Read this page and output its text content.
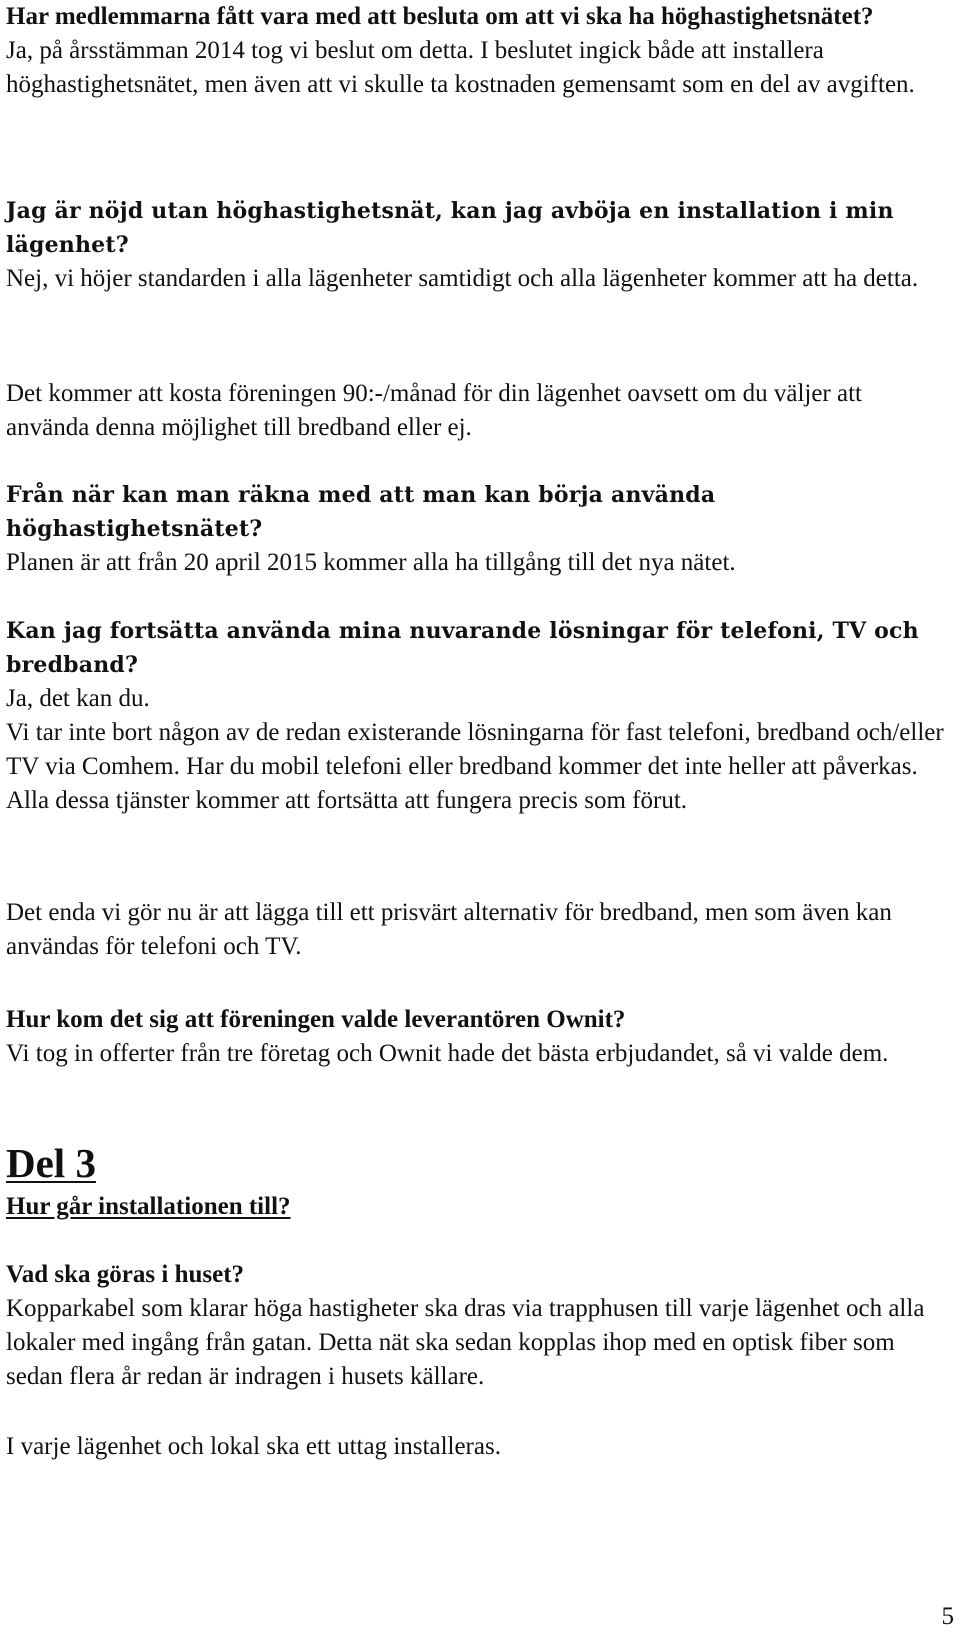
Har medlemmarna fått vara med att besluta om att vi ska ha höghastighetsnätet?

Ja, på årsstämman 2014 tog vi beslut om detta. I beslutet ingick både att installera höghastighetsnätet, men även att vi skulle ta kostnaden gemensamt som en del av avgiften.

Jag är nöjd utan höghastighetsnät, kan jag avböja en installation i min lägenhet?

Nej, vi höjer standarden i alla lägenheter samtidigt och alla lägenheter kommer att ha detta.

Det kommer att kosta föreningen 90:-/månad för din lägenhet oavsett om du väljer att använda denna möjlighet till bredband eller ej.

Från när kan man räkna med att man kan börja använda höghastighetsnätet?

Planen är att från 20 april 2015 kommer alla ha tillgång till det nya nätet.

Kan jag fortsätta använda mina nuvarande lösningar för telefoni, TV och bredband?

Ja, det kan du.

Vi tar inte bort någon av de redan existerande lösningarna för fast telefoni, bredband och/eller TV via Comhem. Har du mobil telefoni eller bredband kommer det inte heller att påverkas. Alla dessa tjänster kommer att fortsätta att fungera precis som förut.

Det enda vi gör nu är att lägga till ett prisvärt alternativ för bredband, men som även kan användas för telefoni och TV.

Hur kom det sig att föreningen valde leverantören Ownit?

Vi tog in offerter från tre företag och Ownit hade det bästa erbjudandet, så vi valde dem.

Del 3
Hur går installationen till?

Vad ska göras i huset?

Kopparkabel som klarar höga hastigheter ska dras via trapphusen till varje lägenhet och alla lokaler med ingång från gatan. Detta nät ska sedan kopplas ihop med en optisk fiber som sedan flera år redan är indragen i husets källare.

I varje lägenhet och lokal ska ett uttag installeras.

5
